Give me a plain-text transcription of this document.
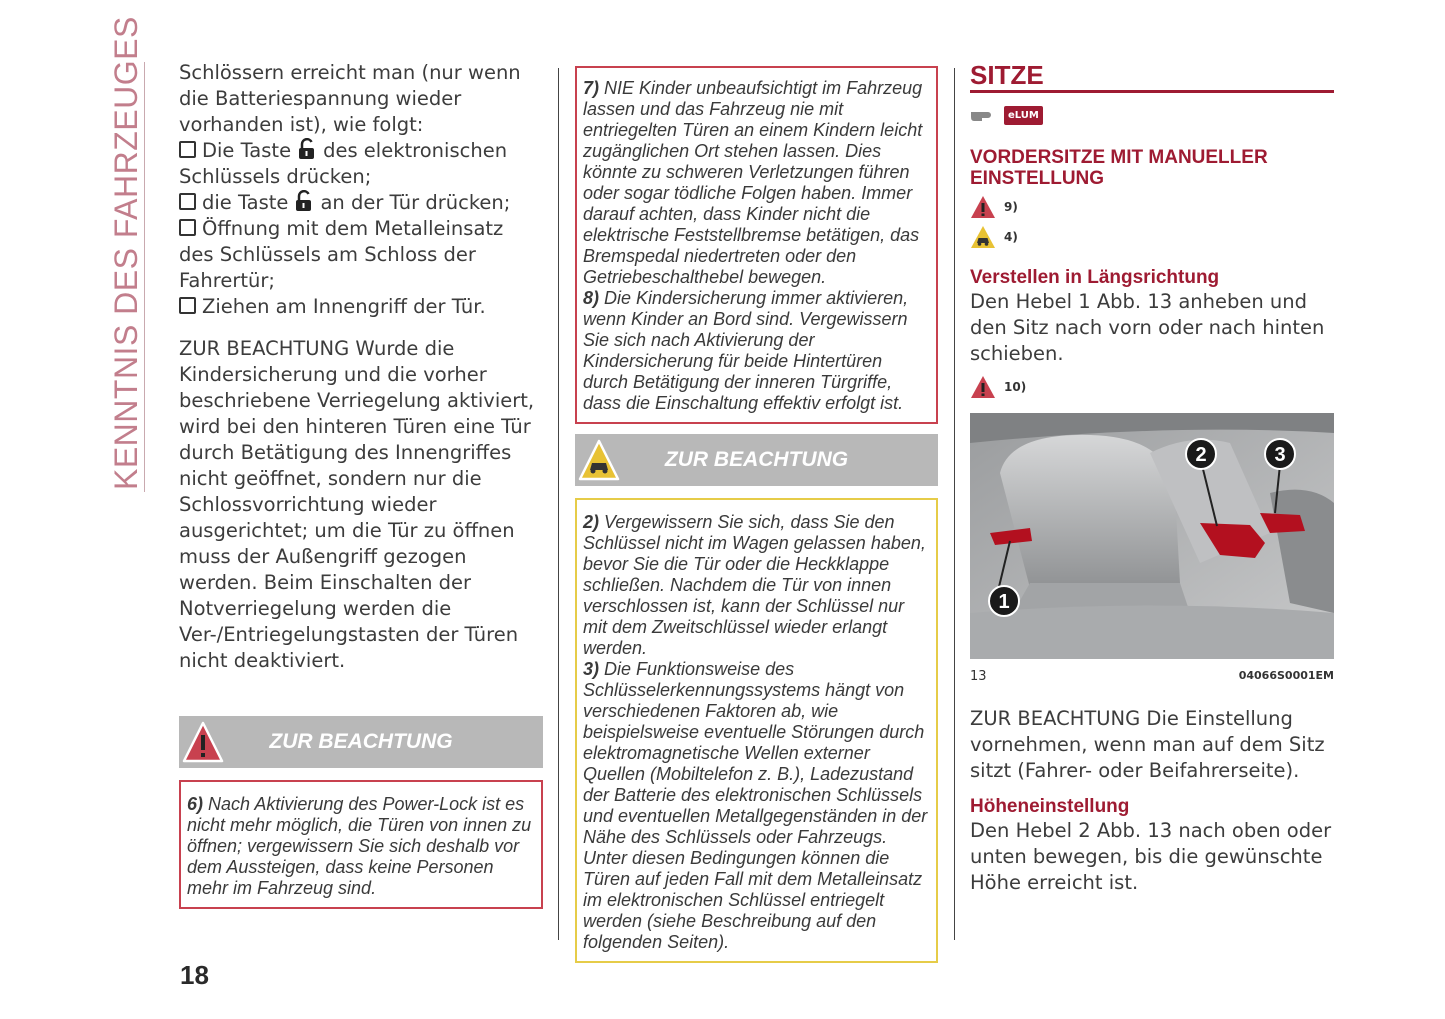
KENNTNIS DES FAHRZEUGES Schlössern erreicht man (nur wenn die Batteriespannung wieder vorhanden ist), wie folgt:
Die Taste des elektronischen Schlüssels drücken;
die Taste an der Tür drücken;
Öffnung mit dem Metalleinsatz des Schlüssels am Schloss der Fahrertür;
Ziehen am Innengriff der Tür.

ZUR BEACHTUNG Wurde die Kindersicherung und die vorher beschriebene Verriegelung aktiviert, wird bei den hinteren Türen eine Tür durch Betätigung des Innengriffes nicht geöffnet, sondern nur die Schlossvorrichtung wieder ausgerichtet; um die Tür zu öffnen muss der Außengriff gezogen werden. Beim Einschalten der Notverriegelung werden die Ver-/Entriegelungstasten der Türen nicht deaktiviert.

ZUR BEACHTUNG
6) Nach Aktivierung des Power-Lock ist es nicht mehr möglich, die Türen von innen zu öffnen; vergewissern Sie sich deshalb vor dem Aussteigen, dass keine Personen mehr im Fahrzeug sind.
7) NIE Kinder unbeaufsichtigt im Fahrzeug lassen und das Fahrzeug nie mit entriegelten Türen an einem Kindern leicht zugänglichen Ort stehen lassen. Dies könnte zu schweren Verletzungen führen oder sogar tödliche Folgen haben. Immer darauf achten, dass Kinder nicht die elektrische Feststellbremse betätigen, das Bremspedal niedertreten oder den Getriebeschalthebel bewegen.
8) Die Kindersicherung immer aktivieren, wenn Kinder an Bord sind. Vergewissern Sie sich nach Aktivierung der Kindersicherung für beide Hintertüren durch Betätigung der inneren Türgriffe, dass die Einschaltung effektiv erfolgt ist.
ZUR BEACHTUNG
2) Vergewissern Sie sich, dass Sie den Schlüssel nicht im Wagen gelassen haben, bevor Sie die Tür oder die Heckklappe schließen. Nachdem die Tür von innen verschlossen ist, kann der Schlüssel nur mit dem Zweitschlüssel wieder erlangt werden.
3) Die Funktionsweise des Schlüsselerkennungssystems hängt von verschiedenen Faktoren ab, wie beispielsweise eventuelle Störungen durch elektromagnetische Wellen externer Quellen (Mobiltelefon z. B.), Ladezustand der Batterie des elektronischen Schlüssels und eventuellen Metallgegenständen in der Nähe des Schlüssels oder Fahrzeugs. Unter diesen Bedingungen können die Türen auf jeden Fall mit dem Metalleinsatz im elektronischen Schlüssel entriegelt werden (siehe Beschreibung auf den folgenden Seiten).
SITZE
eLUM
VORDERSITZE MIT MANUELLER EINSTELLUNG
9)
4)
Verstellen in Längsrichtung
Den Hebel 1 Abb. 13 anheben und den Sitz nach vorn oder nach hinten schieben.
10)
1
2	3
13	04066S0001EM

ZUR BEACHTUNG Die Einstellung vornehmen, wenn man auf dem Sitz sitzt (Fahrer- oder Beifahrerseite).

Höheneinstellung
Den Hebel 2 Abb. 13 nach oben oder unten bewegen, bis die gewünschte Höhe erreicht ist.
18
